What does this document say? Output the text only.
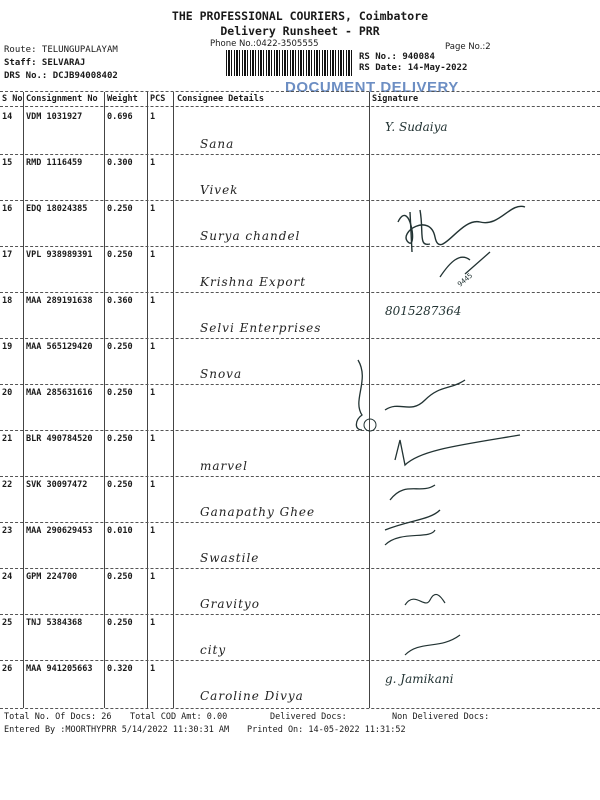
THE PROFESSIONAL COURIERS, Coimbatore
Delivery Runsheet - PRR
Phone No.:0422-3505555	Page No.:2
Route: TELUNGUPALAYAM
Staff: SELVARAJ
DRS No.: DCJB94008402
RS No.: 940084
RS Date: 14-May-2022
DOCUMENT DELIVERY
S No Consignment No Weight PCS Consignee Details	Signature
14 VDM 1031927	0.696 1
Sana
Y. Sudaiya
15 RMD 1116459	0.300 1
Vivek
16 EDQ 18024385 0.250 1
Surya chandel
17 VPL 938989391 0.250 1
Krishna Export
18 MAA 289191638 0.360 1
Selvi Enterprises
8015287364
19 MAA 565129420 0.250 1
Snova
20 MAA 285631616 0.250 1
21 BLR 490784520 0.250 1
marvel
22 SVK 30097472 0.250 1
Ganapathy Ghee
23 MAA 290629453 0.010 1
Swastile
24 GPM 224700	0.250 1
Gravityo
25 TNJ 5384368	0.250 1
city
26 MAA 941205663 0.320 1
Caroline Divya
g. Jamikani
9445
Total No. Of Docs: 26 Total COD Amt: 0.00	Delivered Docs:	Non Delivered Docs:
Entered By :MOORTHYPRR 5/14/2022 11:30:31 AM Printed On: 14-05-2022 11:31:52
